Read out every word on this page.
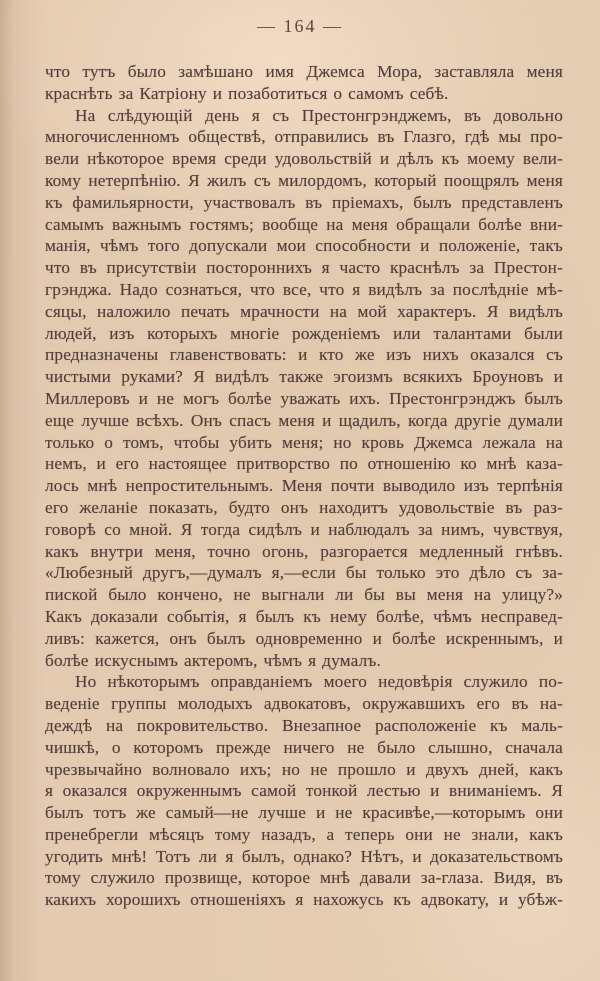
— 164 —
что тутъ было замѣшано имя Джемса Мора, заставляла меня
краснѣть за Катріону и позаботиться о самомъ себѣ.
На слѣдующій день я съ Престонгрэнджемъ, въ довольно
многочисленномъ обществѣ, отправились въ Глазго, гдѣ мы про-
вели нѣкоторое время среди удовольствій и дѣлъ къ моему вели-
кому нетерпѣнію. Я жилъ съ милордомъ, который поощрялъ меня
къ фамильярности, участвовалъ въ пріемахъ, былъ представленъ
самымъ важнымъ гостямъ; вообще на меня обращали болѣе вни-
манія, чѣмъ того допускали мои способности и положеніе, такъ
что въ присутствіи постороннихъ я часто краснѣлъ за Престон-
грэнджа. Надо сознаться, что все, что я видѣлъ за послѣдніе мѣ-
сяцы, наложило печать мрачности на мой характеръ. Я видѣлъ
людей, изъ которыхъ многіе рожденіемъ или талантами были
предназначены главенствовать: и кто же изъ нихъ оказался съ
чистыми руками? Я видѣлъ также эгоизмъ всякихъ Броуновъ и
Миллеровъ и не могъ болѣе уважать ихъ. Престонгрэнджъ былъ
еще лучше всѣхъ. Онъ спасъ меня и щадилъ, когда другіе думали
только о томъ, чтобы убить меня; но кровь Джемса лежала на
немъ, и его настоящее притворство по отношенію ко мнѣ каза-
лось мнѣ непростительнымъ. Меня почти выводило изъ терпѣнія
его желаніе показать, будто онъ находитъ удовольствіе въ раз-
говорѣ со мной. Я тогда сидѣлъ и наблюдалъ за нимъ, чувствуя,
какъ внутри меня, точно огонь, разгорается медленный гнѣвъ.
«Любезный другъ,—думалъ я,—если бы только это дѣло съ за-
пиской было кончено, не выгнали ли бы вы меня на улицу?»
Какъ доказали событія, я былъ къ нему болѣе, чѣмъ несправед-
ливъ: кажется, онъ былъ одновременно и болѣе искреннымъ, и
болѣе искуснымъ актеромъ, чѣмъ я думалъ.
Но нѣкоторымъ оправданіемъ моего недовѣрія служило по-
веденіе группы молодыхъ адвокатовъ, окружавшихъ его въ на-
деждѣ на покровительство. Внезапное расположеніе къ маль-
чишкѣ, о которомъ прежде ничего не было слышно, сначала
чрезвычайно волновало ихъ; но не прошло и двухъ дней, какъ
я оказался окруженнымъ самой тонкой лестью и вниманіемъ. Я
былъ тотъ же самый—не лучше и не красивѣе,—которымъ они
пренебрегли мѣсяцъ тому назадъ, а теперь они не знали, какъ
угодить мнѣ! Тотъ ли я былъ, однако? Нѣтъ, и доказательствомъ
тому служило прозвище, которое мнѣ давали за-глаза. Видя, въ
какихъ хорошихъ отношеніяхъ я нахожусь къ адвокату, и убѣж-
